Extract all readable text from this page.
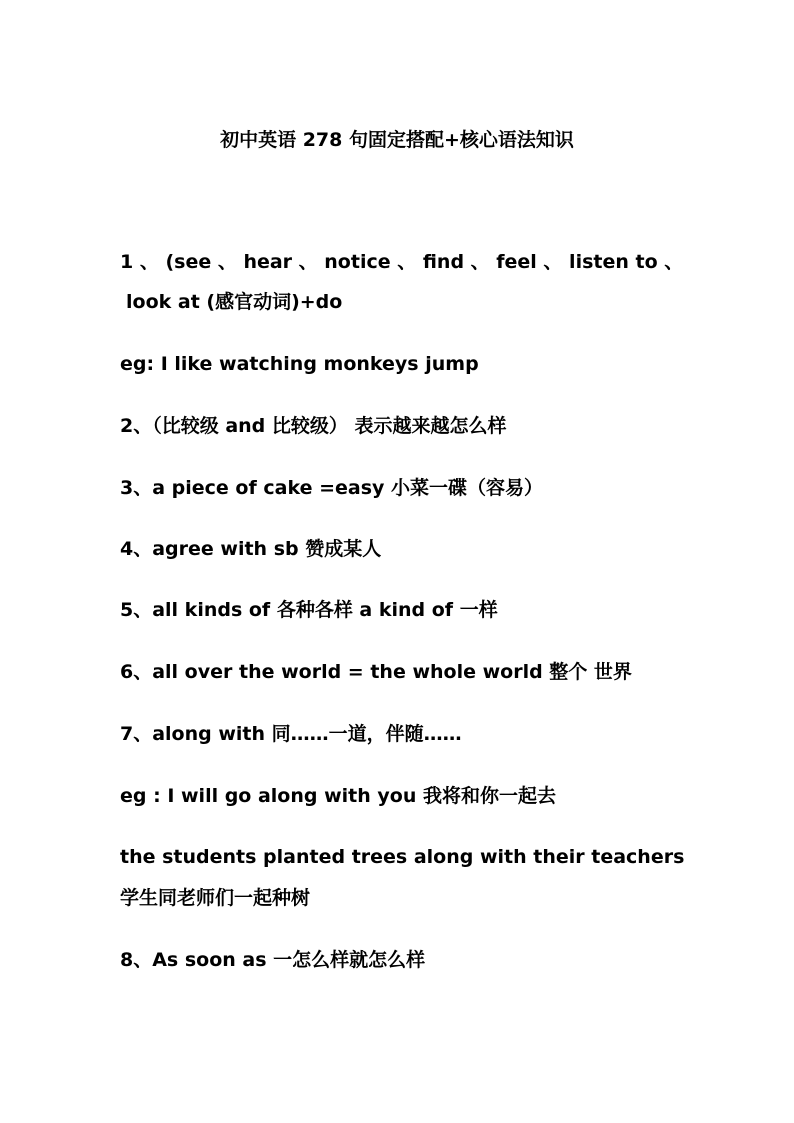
初中英语 278 句固定搭配+核心语法知识
1 、 (see 、 hear 、 notice 、 find 、 feel 、 listen to 、
look at (感官动词)+do
eg: I like watching monkeys jump
2、（比较级 and 比较级） 表示越来越怎么样
3、a piece of cake =easy 小菜一碟（容易）
4、agree with sb 赞成某人
5、all kinds of 各种各样 a kind of 一样
6、all over the world = the whole world 整个 世界
7、along with 同……一道，伴随……
eg : I will go along with you 我将和你一起去
the students planted trees along with their teachers
学生同老师们一起种树
8、As soon as 一怎么样就怎么样
